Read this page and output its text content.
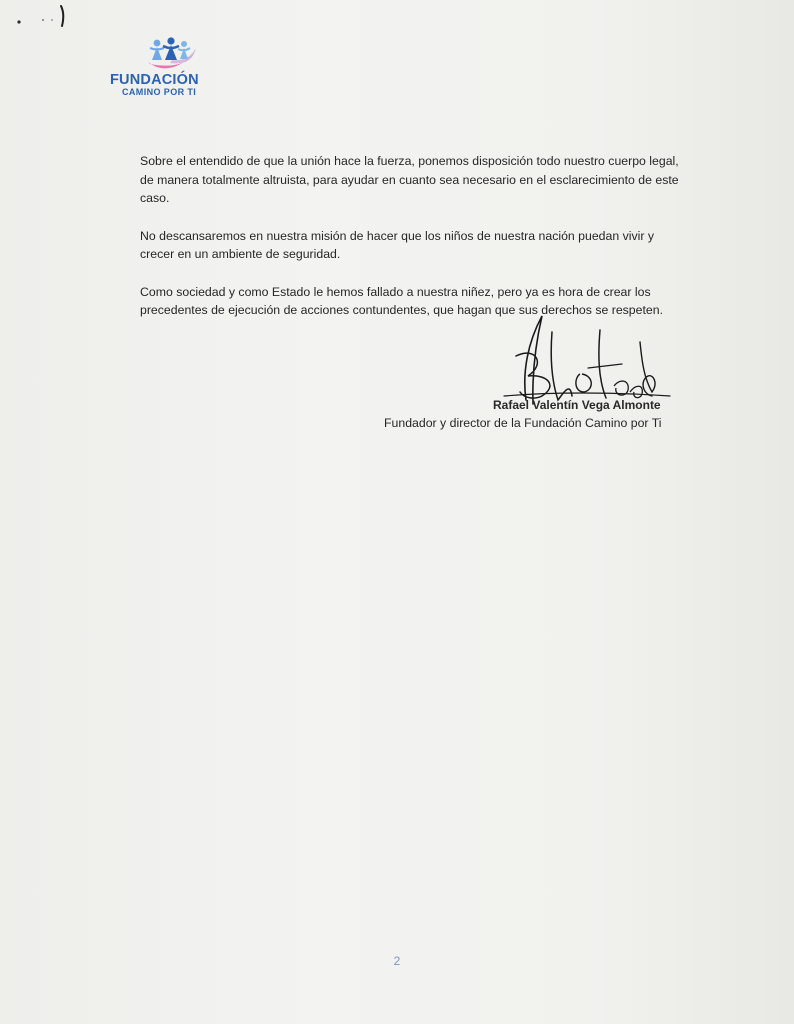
FUNDACIÓN
CAMINO POR TI

Sobre el entendido de que la unión hace la fuerza, ponemos disposición todo nuestro cuerpo legal, de manera totalmente altruista, para ayudar en cuanto sea necesario en el esclarecimiento de este caso.

No descansaremos en nuestra misión de hacer que los niños de nuestra nación puedan vivir y crecer en un ambiente de seguridad.

Como sociedad y como Estado le hemos fallado a nuestra niñez, pero ya es hora de crear los precedentes de ejecución de acciones contundentes, que hagan que sus derechos se respeten.

Rafael Valentín Vega Almonte
Fundador y director de la Fundación Camino por Ti
2
